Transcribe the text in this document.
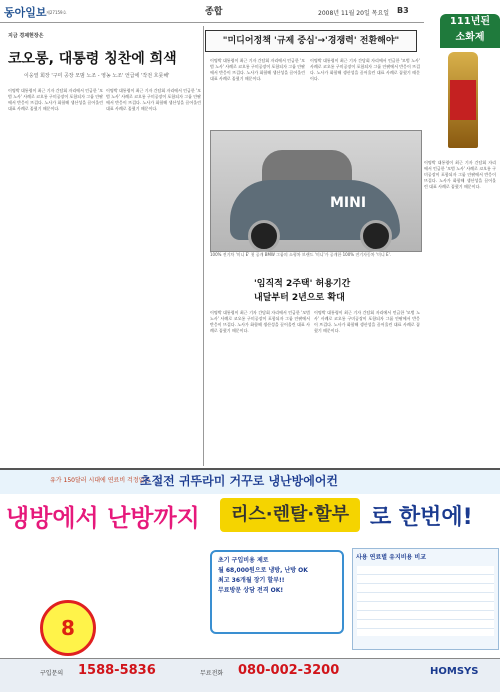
동아일보 제27159호	종합	2008년 11월 20일 목요일 B3
111년된
소화제
지금 경제현장은
코오롱, 대통령 칭찬에 희색
이웅열 회장 '구미 공장 모범 노조 - 영농 노조' 언급에 '작전 흐뭇해'
이명박 대통령이 최근 기자 간담회 자리에서 언급한 '모범 노사' 사례로 코오롱 구미공장이 포함되자 그룹 안팎에서 반응이 뜨겁다. 노사가 화합해 생산성을 끌어올린 대표 사례로 꼽혔기 때문이다.
이명박 대통령이 최근 기자 간담회 자리에서 언급한 '모범 노사' 사례로 코오롱 구미공장이 포함되자 그룹 안팎에서 반응이 뜨겁다. 노사가 화합해 생산성을 끌어올린 대표 사례로 꼽혔기 때문이다.
"미디어정책 '규제 중심'→'경쟁력' 전환해야"
이명박 대통령이 최근 기자 간담회 자리에서 언급한 '모범 노사' 사례로 코오롱 구미공장이 포함되자 그룹 안팎에서 반응이 뜨겁다. 노사가 화합해 생산성을 끌어올린 대표 사례로 꼽혔기 때문이다.
이명박 대통령이 최근 기자 간담회 자리에서 언급한 '모범 노사' 사례로 코오롱 구미공장이 포함되자 그룹 안팎에서 반응이 뜨겁다. 노사가 화합해 생산성을 끌어올린 대표 사례로 꼽혔기 때문이다.
MINI
100% 전기차 '미니 E' 첫 공개 BMW 그룹의 소형차 브랜드 '미니'가 공개한 100% 전기자동차 '미니 E'.
'임직적 2주택' 허용기간
내달부터 2년으로 확대
이명박 대통령이 최근 기자 간담회 자리에서 언급한 '모범 노사' 사례로 코오롱 구미공장이 포함되자 그룹 안팎에서 반응이 뜨겁다. 노사가 화합해 생산성을 끌어올린 대표 사례로 꼽혔기 때문이다.
이명박 대통령이 최근 기자 간담회 자리에서 언급한 '모범 노사' 사례로 코오롱 구미공장이 포함되자 그룹 안팎에서 반응이 뜨겁다. 노사가 화합해 생산성을 끌어올린 대표 사례로 꼽혔기 때문이다.
이명박 대통령이 최근 기자 간담회 자리에서 언급한 '모범 노사' 사례로 코오롱 구미공장이 포함되자 그룹 안팎에서 반응이 뜨겁다. 노사가 화합해 생산성을 끌어올린 대표 사례로 꼽혔기 때문이다.
유가 150달러 시대에 연료비 걱정없는
초절전 귀뚜라미 거꾸로 냉난방에어컨
냉방에서 난방까지	리스·렌탈·할부 로 한번에!
8
초기 구입비용 제로
월 68,000원으로 냉방, 난방 OK
최고 36개월 장기 할부!!
무료방문 상담 전격 OK!
사용 연료별 유지비용 비교
구입문의 1588-5836	무료전화 080-002-3200	HOMSYS
